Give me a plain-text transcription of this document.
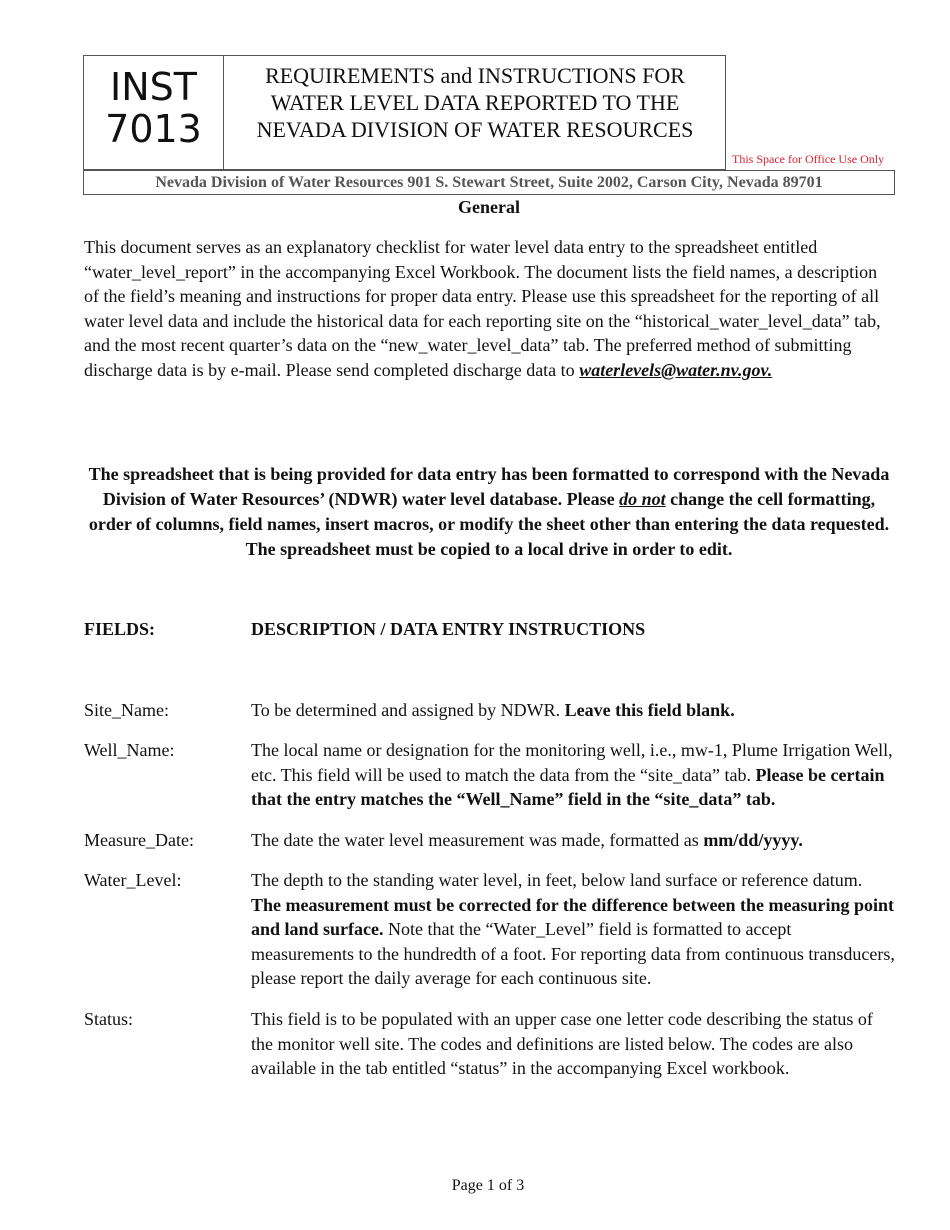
INST
7013
REQUIREMENTS and INSTRUCTIONS FOR
WATER LEVEL DATA REPORTED TO THE
NEVADA DIVISION OF WATER RESOURCES
This Space for Office Use Only
Nevada Division of Water Resources 901 S. Stewart Street, Suite 2002, Carson City, Nevada 89701
General
This document serves as an explanatory checklist for water level data entry to the spreadsheet entitled “water_level_report” in the accompanying Excel Workbook. The document lists the field names, a description of the field’s meaning and instructions for proper data entry. Please use this spreadsheet for the reporting of all water level data and include the historical data for each reporting site on the “historical_water_level_data” tab, and the most recent quarter’s data on the “new_water_level_data” tab. The preferred method of submitting discharge data is by e-mail. Please send completed discharge data to waterlevels@water.nv.gov.
The spreadsheet that is being provided for data entry has been formatted to correspond with the Nevada Division of Water Resources’ (NDWR) water level database. Please do not change the cell formatting, order of columns, field names, insert macros, or modify the sheet other than entering the data requested. The spreadsheet must be copied to a local drive in order to edit.
FIELDS:	DESCRIPTION / DATA ENTRY INSTRUCTIONS
Site_Name:	To be determined and assigned by NDWR. Leave this field blank.
Well_Name:	The local name or designation for the monitoring well, i.e., mw-1, Plume Irrigation Well, etc. This field will be used to match the data from the “site_data” tab. Please be certain that the entry matches the “Well_Name” field in the “site_data” tab.
Measure_Date:	The date the water level measurement was made, formatted as mm/dd/yyyy.
Water_Level:	The depth to the standing water level, in feet, below land surface or reference datum. The measurement must be corrected for the difference between the measuring point and land surface. Note that the “Water_Level” field is formatted to accept measurements to the hundredth of a foot. For reporting data from continuous transducers, please report the daily average for each continuous site.
Status:	This field is to be populated with an upper case one letter code describing the status of the monitor well site. The codes and definitions are listed below. The codes are also available in the tab entitled “status” in the accompanying Excel workbook.
Page 1 of 3
